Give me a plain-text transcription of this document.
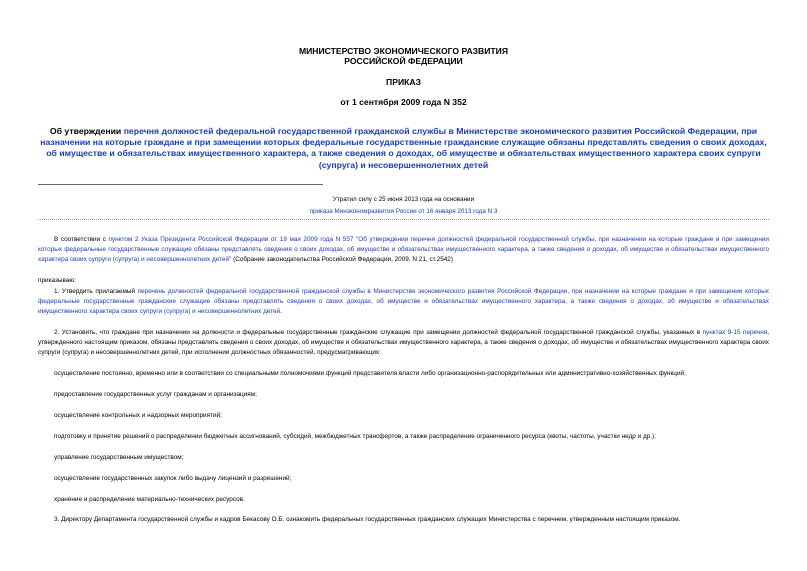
МИНИСТЕРСТВО ЭКОНОМИЧЕСКОГО РАЗВИТИЯ
РОССИЙСКОЙ ФЕДЕРАЦИИ
ПРИКАЗ
от 1 сентября 2009 года N 352
Об утверждении перечня должностей федеральной государственной гражданской службы в Министерстве экономического развития Российской Федерации, при назначении на которые граждане и при замещении которых федеральные государственные гражданские служащие обязаны представлять сведения о своих доходах, об имуществе и обязательствах имущественного характера, а также сведения о доходах, об имуществе и обязательствах имущественного характера своих супруги (супруга) и несовершеннолетних детей
Утратил силу с 25 июня 2013 года на основании
приказа Минэкономразвития России от 16 января 2013 года N 3
В соответствии с пунктом 2 Указа Президента Российской Федерации от 18 мая 2009 года N 557 "Об утверждении перечня должностей федеральной государственной службы, при назначении на которые граждане и при замещении которых федеральные государственные служащие обязаны представлять сведения о своих доходах, об имуществе и обязательствах имущественного характера, а также сведения о доходах, об имуществе и обязательствах имущественного характера своих супруги (супруга) и несовершеннолетних детей" (Собрание законодательства Российской Федерации, 2009, N 21, ст.2542)
приказываю:
1. Утвердить прилагаемый перечень должностей федеральной государственной гражданской службы в Министерстве экономического развития Российской Федерации, при назначении на которые граждане и при замещении которых федеральные государственные гражданские служащие обязаны представлять сведения о своих доходах, об имуществе и обязательствах имущественного характера, а также сведения о доходах, об имуществе и обязательствах имущественного характера своих супруги (супруга) и несовершеннолетних детей.
2. Установить, что граждане при назначении на должности и федеральные государственные гражданские служащие при замещении должностей федеральной государственной гражданской службы, указанных в пунктах 9-15 перечня, утвержденного настоящим приказом, обязаны представлять сведения о своих доходах, об имуществе и обязательствах имущественного характера, а также сведения о доходах, об имуществе и обязательствах имущественного характера своих супруги (супруга) и несовершеннолетних детей, при исполнении должностных обязанностей, предусматривающих:
осуществление постоянно, временно или в соответствии со специальными полномочиями функций представителя власти либо организационно-распорядительных или административно-хозяйственных функций;
предоставление государственных услуг гражданам и организациям;
осуществление контрольных и надзорных мероприятий;
подготовку и принятие решений о распределении бюджетных ассигнований, субсидий, межбюджетных трансфертов, а также распределение ограниченного ресурса (квоты, частоты, участки недр и др.);
управление государственным имуществом;
осуществление государственных закупок либо выдачу лицензий и разрешений;
хранение и распределение материально-технических ресурсов.
3. Директору Департамента государственной службы и кадров Бекасову О.Б. ознакомить федеральных государственных гражданских служащих Министерства с перечнем, утвержденным настоящим приказом.
